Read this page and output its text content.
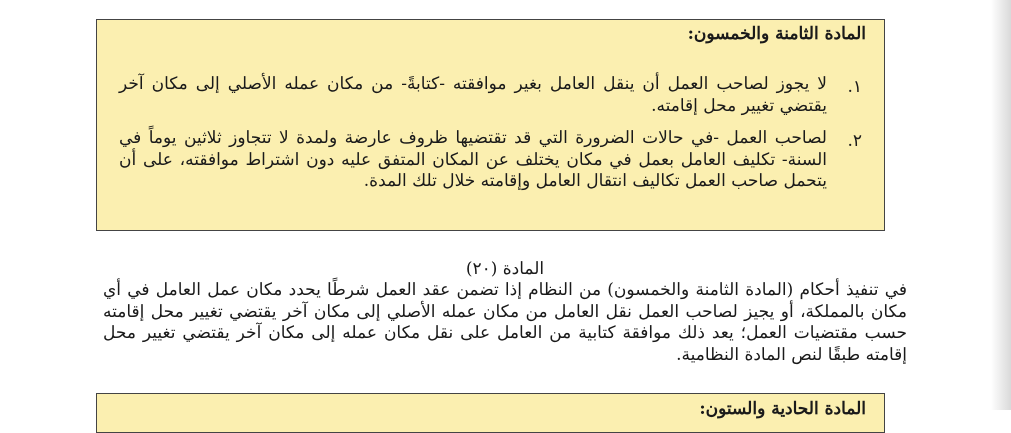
المادة الثامنة والخمسون:
١.
لا يجوز لصاحب العمل أن ينقل العامل بغير موافقته -كتابةً- من مكان عمله الأصلي إلى مكان آخر يقتضي تغيير محل إقامته.
٢.
لصاحب العمل -في حالات الضرورة التي قد تقتضيها ظروف عارضة ولمدة لا تتجاوز ثلاثين يوماً في السنة- تكليف العامل بعمل في مكان يختلف عن المكان المتفق عليه دون اشتراط موافقته، على أن يتحمل صاحب العمل تكاليف انتقال العامل وإقامته خلال تلك المدة.
المادة (٢٠)
في تنفيذ أحكام (المادة الثامنة والخمسون) من النظام إذا تضمن عقد العمل شرطًا يحدد مكان عمل العامل في أي مكان بالمملكة، أو يجيز لصاحب العمل نقل العامل من مكان عمله الأصلي إلى مكان آخر يقتضي تغيير محل إقامته حسب مقتضيات العمل؛ يعد ذلك موافقة كتابية من العامل على نقل مكان عمله إلى مكان آخر يقتضي تغيير محل إقامته طبقًا لنص المادة النظامية.
المادة الحادية والستون:
